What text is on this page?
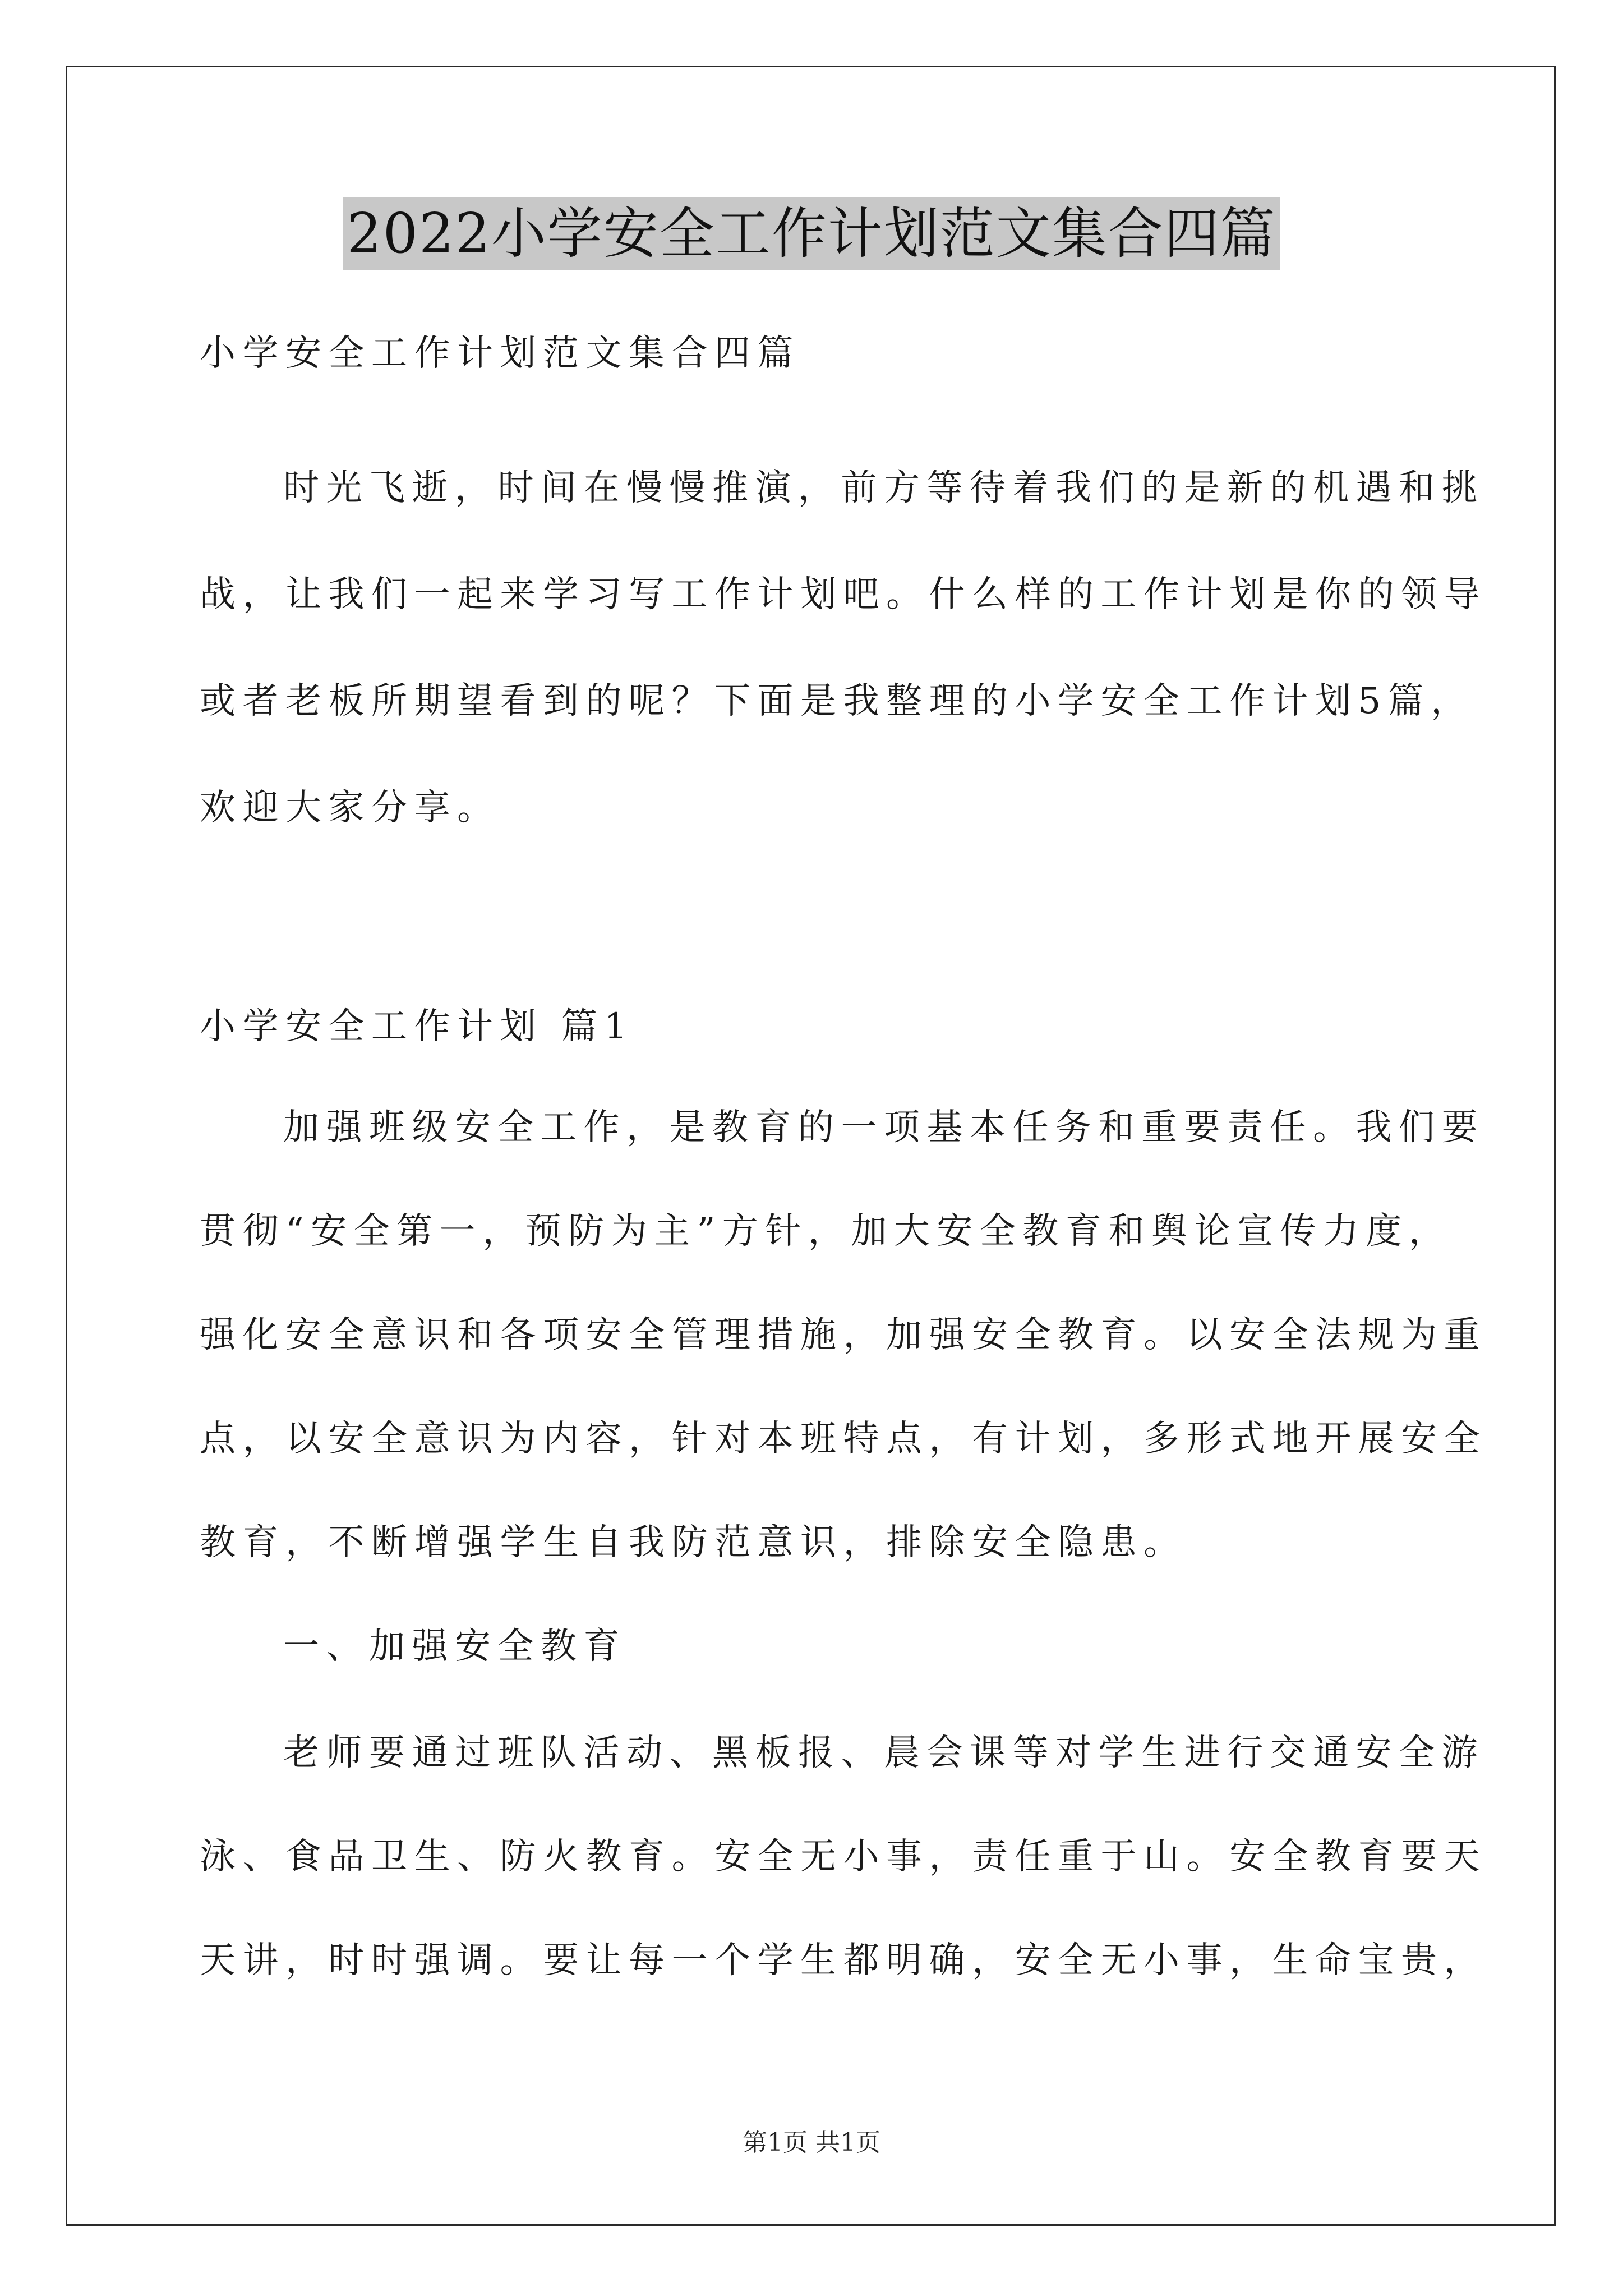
2022小学安全工作计划范文集合四篇
小学安全工作计划范文集合四篇
时光飞逝，时间在慢慢推演，前方等待着我们的是新的机遇和挑
战，让我们一起来学习写工作计划吧。什么样的工作计划是你的领导
或者老板所期望看到的呢？下面是我整理的小学安全工作计划5篇，
欢迎大家分享。
小学安全工作计划 篇1
加强班级安全工作，是教育的一项基本任务和重要责任。我们要
贯彻“安全第一，预防为主”方针，加大安全教育和舆论宣传力度，
强化安全意识和各项安全管理措施，加强安全教育。以安全法规为重
点，以安全意识为内容，针对本班特点，有计划，多形式地开展安全
教育，不断增强学生自我防范意识，排除安全隐患。
一、加强安全教育
老师要通过班队活动、黑板报、晨会课等对学生进行交通安全游
泳、食品卫生、防火教育。安全无小事，责任重于山。安全教育要天
天讲，时时强调。要让每一个学生都明确，安全无小事，生命宝贵，
第1页 共1页
